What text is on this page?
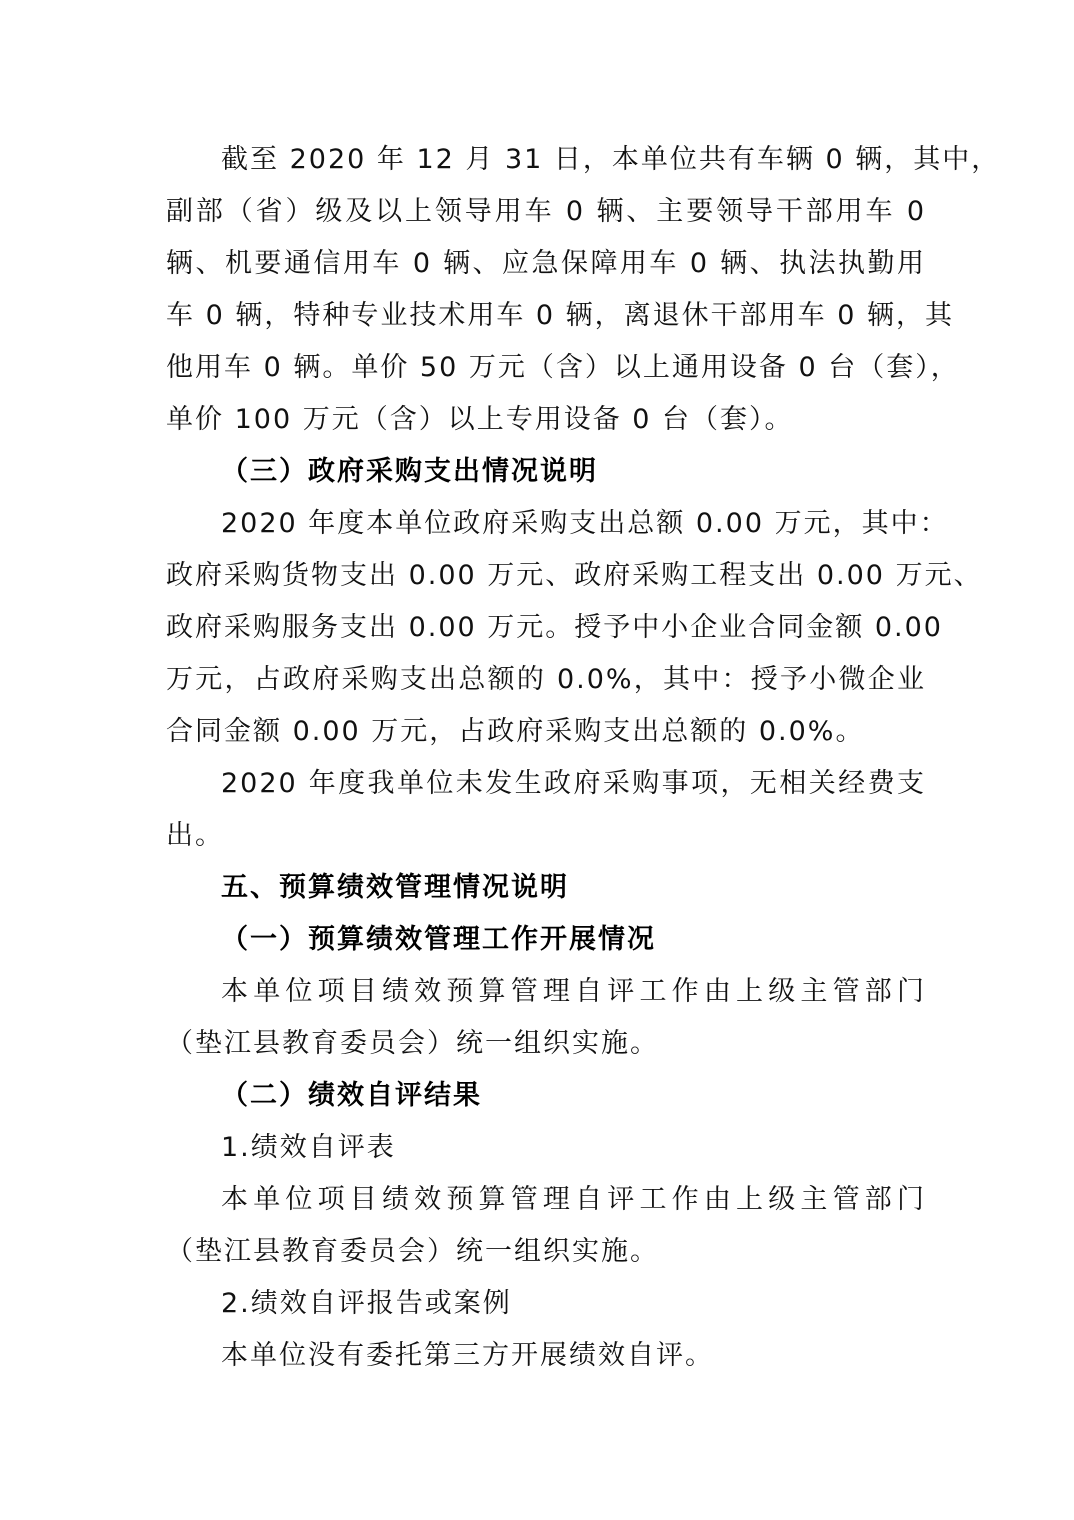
截至 2020 年 12 月 31 日，本单位共有车辆 0 辆，其中，
副部（省）级及以上领导用车 0 辆、主要领导干部用车 0
辆、机要通信用车 0 辆、应急保障用车 0 辆、执法执勤用
车 0 辆，特种专业技术用车 0 辆，离退休干部用车 0 辆，其
他用车 0 辆。单价 50 万元（含）以上通用设备 0 台（套），
单价 100 万元（含）以上专用设备 0 台（套）。
（三）政府采购支出情况说明
2020 年度本单位政府采购支出总额 0.00 万元，其中：
政府采购货物支出 0.00 万元、政府采购工程支出 0.00 万元、
政府采购服务支出 0.00 万元。授予中小企业合同金额 0.00
万元，占政府采购支出总额的 0.0%，其中：授予小微企业
合同金额 0.00 万元，占政府采购支出总额的 0.0%。
2020 年度我单位未发生政府采购事项，无相关经费支
出。
五、预算绩效管理情况说明
（一）预算绩效管理工作开展情况
本单位项目绩效预算管理自评工作由上级主管部门
（垫江县教育委员会）统一组织实施。
（二）绩效自评结果
1.绩效自评表
本单位项目绩效预算管理自评工作由上级主管部门
（垫江县教育委员会）统一组织实施。
2.绩效自评报告或案例
本单位没有委托第三方开展绩效自评。
